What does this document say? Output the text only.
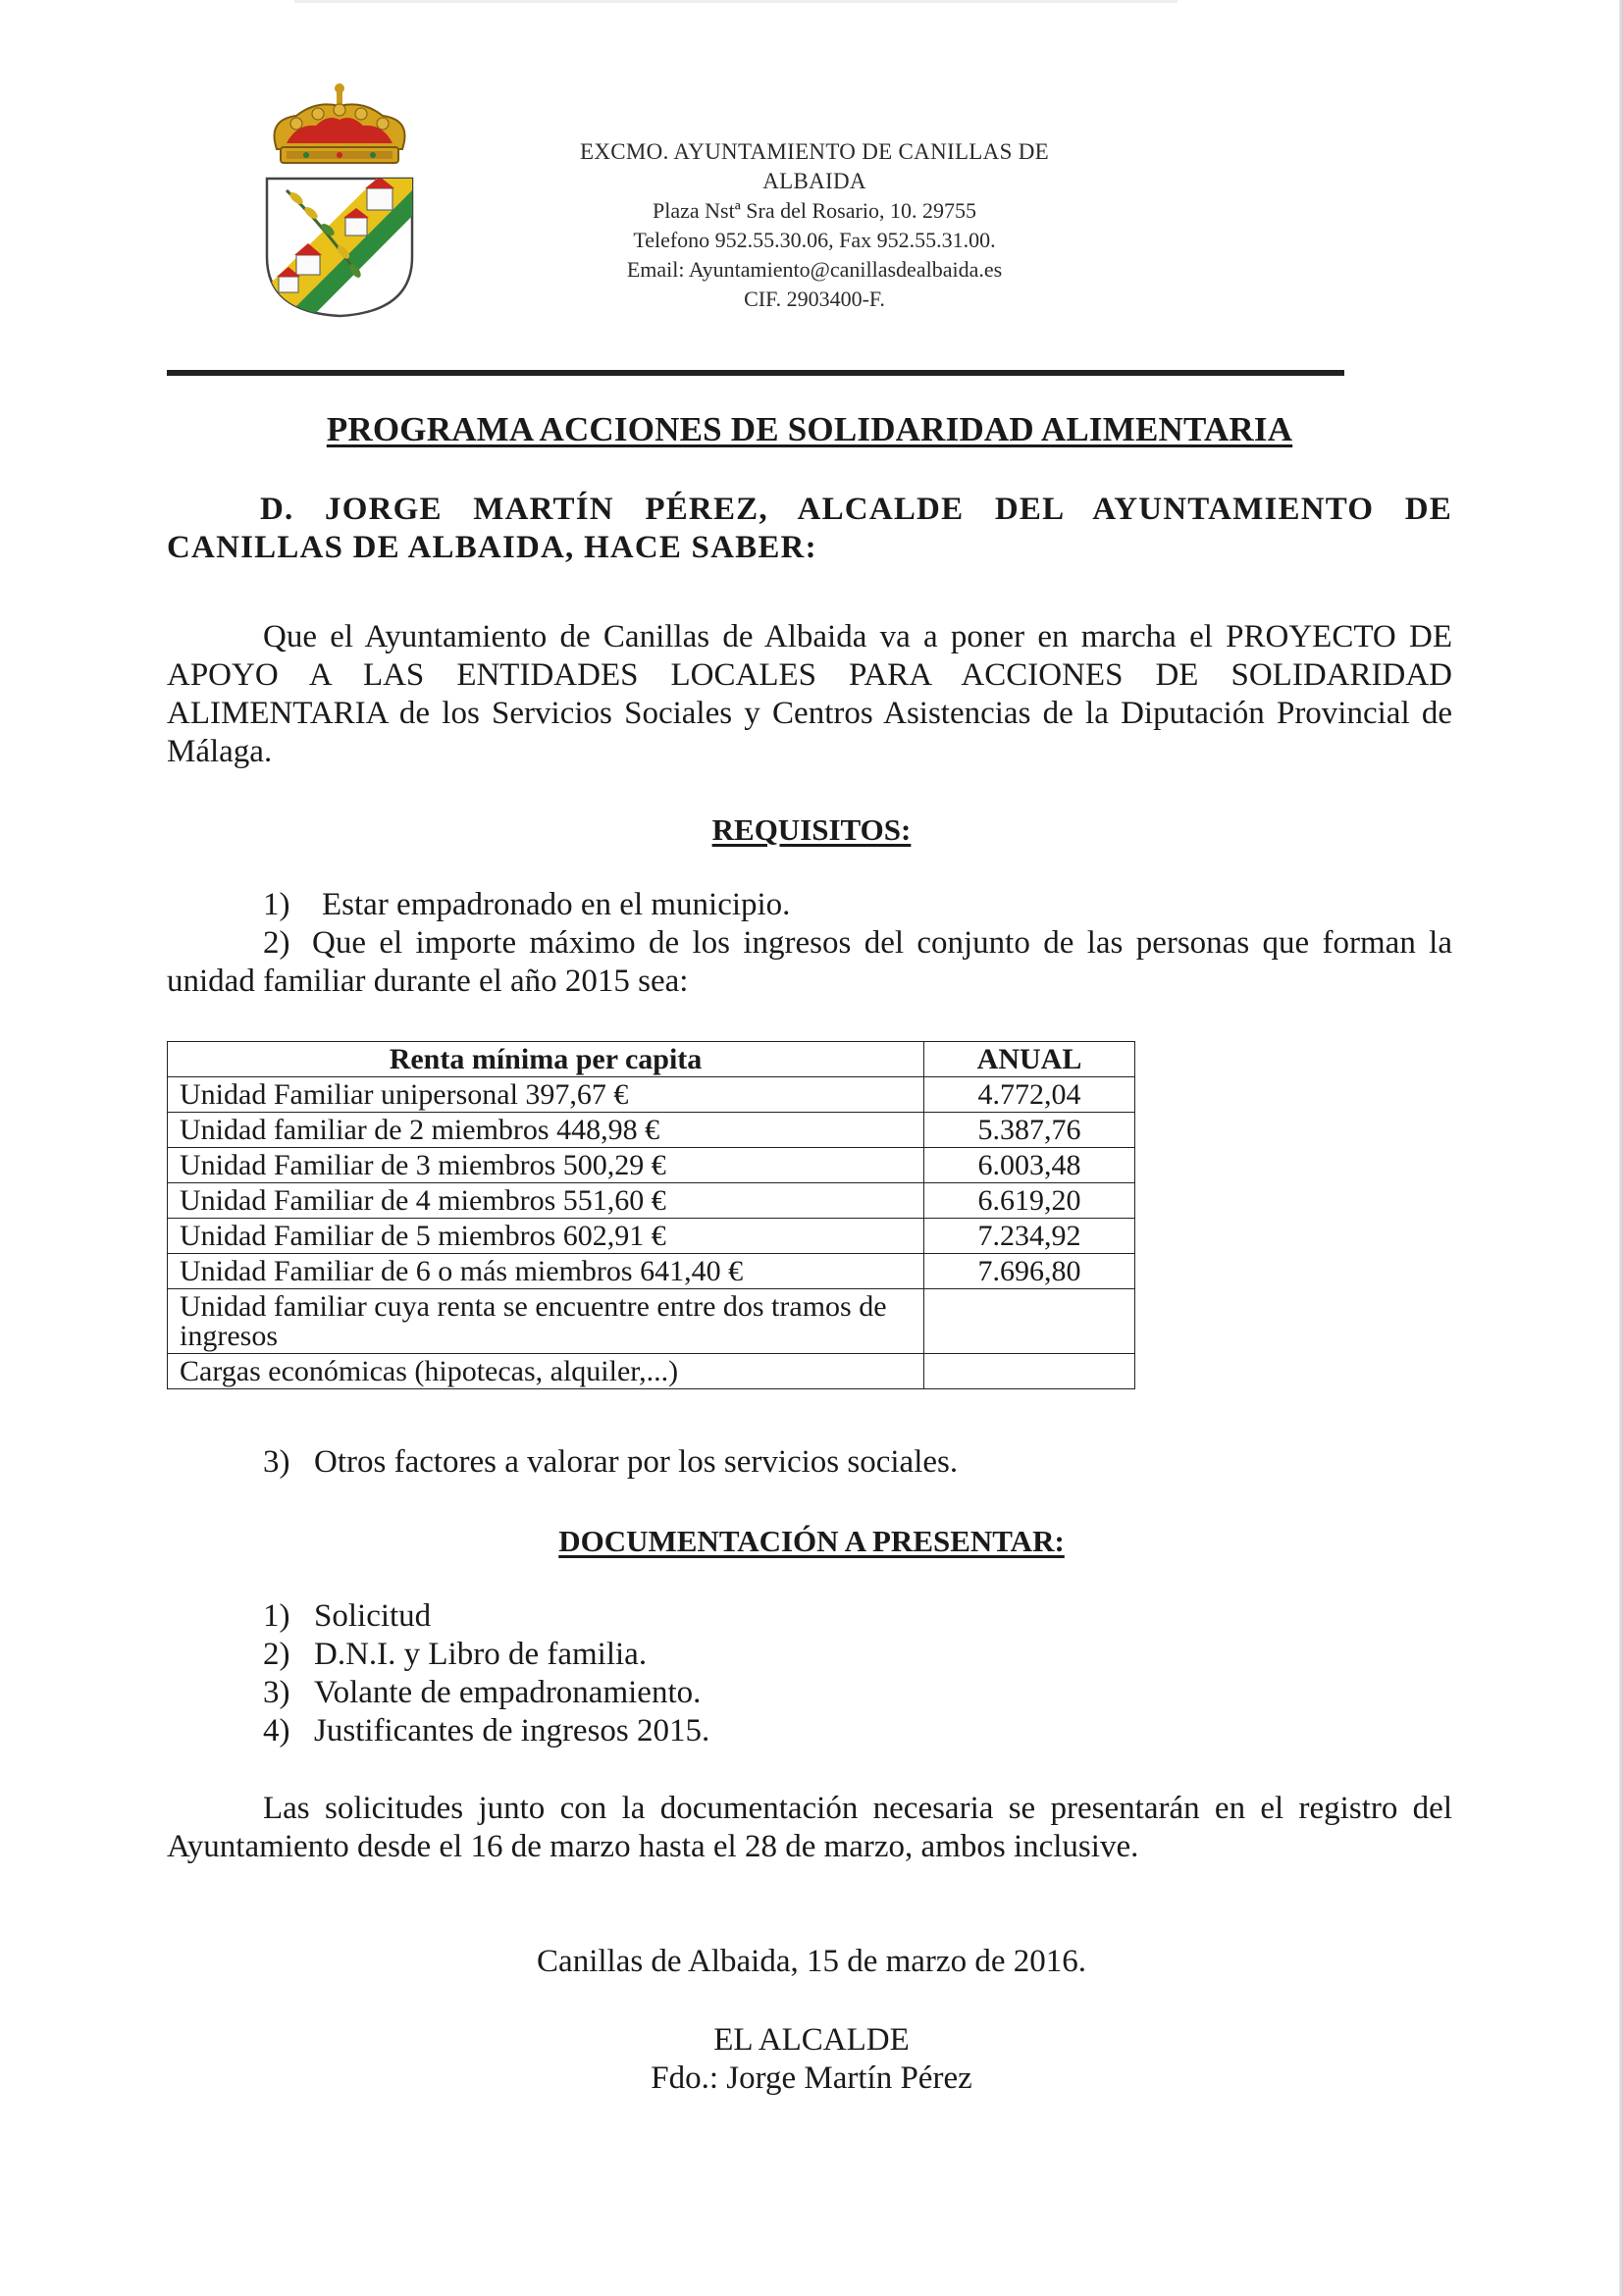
EXCMO. AYUNTAMIENTO DE CANILLAS DE ALBAIDA
Plaza Nstª Sra del Rosario, 10. 29755
Telefono 952.55.30.06, Fax 952.55.31.00.
Email: Ayuntamiento@canillasdealbaida.es
CIF. 2903400-F.
PROGRAMA ACCIONES DE SOLIDARIDAD ALIMENTARIA
D. JORGE MARTÍN PÉREZ, ALCALDE DEL AYUNTAMIENTO DE
CANILLAS DE ALBAIDA, HACE SABER:
Que el Ayuntamiento de Canillas de Albaida va a poner en marcha el PROYECTO DE APOYO A LAS ENTIDADES LOCALES PARA ACCIONES DE SOLIDARIDAD ALIMENTARIA de los Servicios Sociales y Centros Asistencias de la Diputación Provincial de Málaga.
REQUISITOS:
1) Estar empadronado en el municipio.
2) Que el importe máximo de los ingresos del conjunto de las personas que forman la unidad familiar durante el año 2015 sea:
Renta mínima per capita	ANUAL
Unidad Familiar unipersonal 397,67 €	4.772,04
Unidad familiar de 2 miembros 448,98 €	5.387,76
Unidad Familiar de 3 miembros 500,29 €	6.003,48
Unidad Familiar de 4 miembros 551,60 €	6.619,20
Unidad Familiar de 5 miembros 602,91 €	7.234,92
Unidad Familiar de 6 o más miembros 641,40 €	7.696,80
Unidad familiar cuya renta se encuentre entre dos tramos de ingresos	
Cargas económicas (hipotecas, alquiler,...)	
3) Otros factores a valorar por los servicios sociales.
DOCUMENTACIÓN A PRESENTAR:
1) Solicitud
2) D.N.I. y Libro de familia.
3) Volante de empadronamiento.
4) Justificantes de ingresos 2015.
Las solicitudes junto con la documentación necesaria se presentarán en el registro del Ayuntamiento desde el 16 de marzo hasta el 28 de marzo, ambos inclusive.
Canillas de Albaida, 15 de marzo de 2016.
EL ALCALDE
Fdo.: Jorge Martín Pérez
